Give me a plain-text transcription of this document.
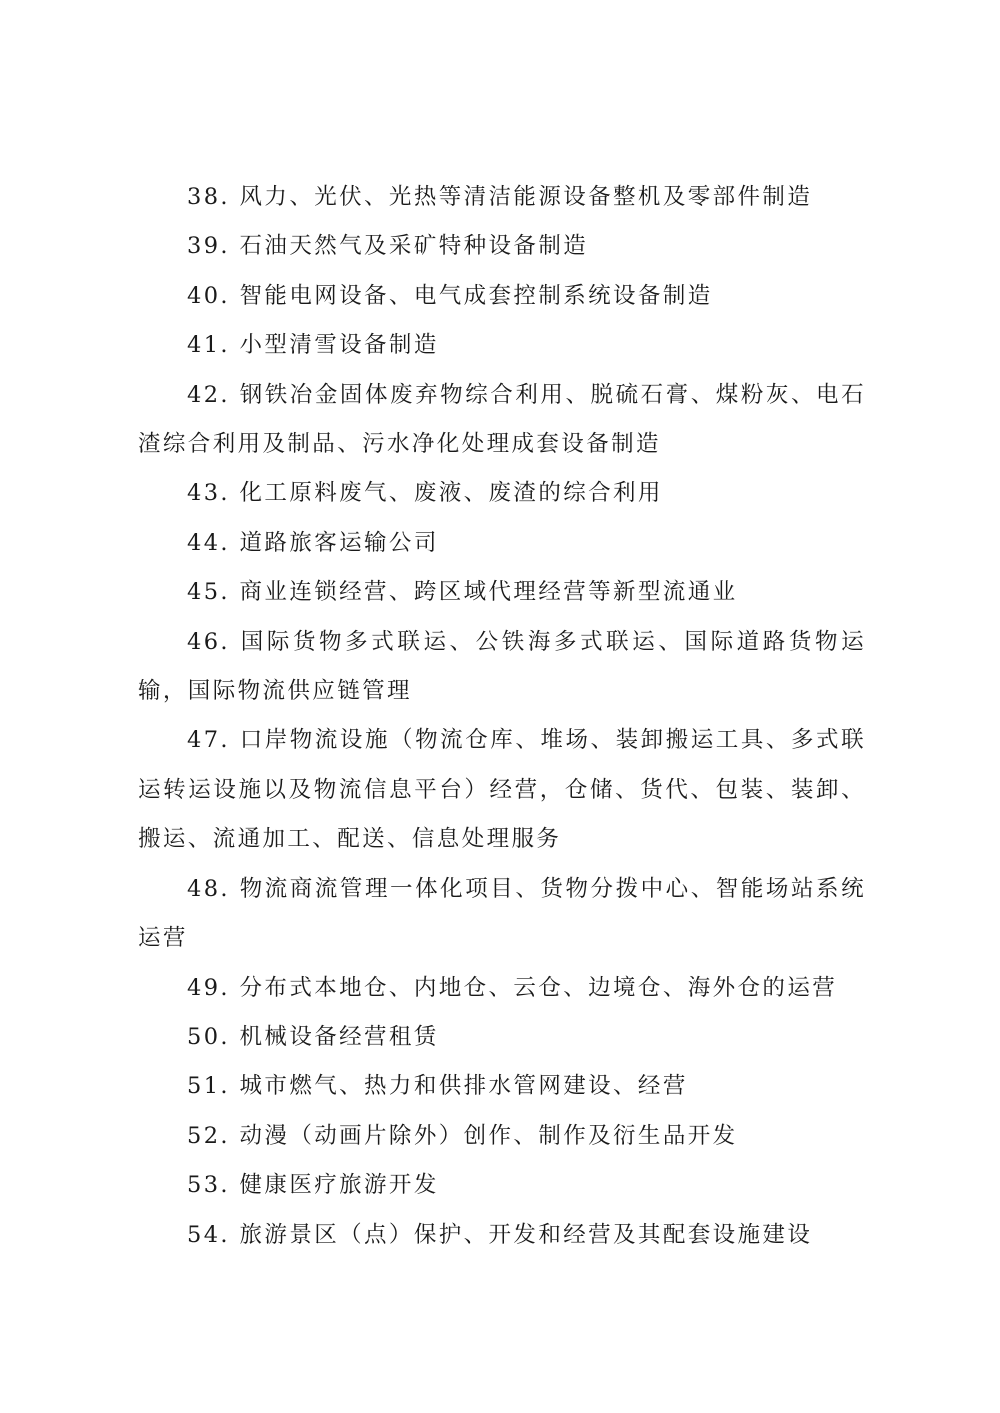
38. 风力、光伏、光热等清洁能源设备整机及零部件制造

39. 石油天然气及采矿特种设备制造

40. 智能电网设备、电气成套控制系统设备制造

41. 小型清雪设备制造

42. 钢铁冶金固体废弃物综合利用、脱硫石膏、煤粉灰、电石渣综合利用及制品、污水净化处理成套设备制造

43. 化工原料废气、废液、废渣的综合利用

44. 道路旅客运输公司

45. 商业连锁经营、跨区域代理经营等新型流通业

46. 国际货物多式联运、公铁海多式联运、国际道路货物运输，国际物流供应链管理

47. 口岸物流设施（物流仓库、堆场、装卸搬运工具、多式联运转运设施以及物流信息平台）经营，仓储、货代、包装、装卸、搬运、流通加工、配送、信息处理服务

48. 物流商流管理一体化项目、货物分拨中心、智能场站系统运营

49. 分布式本地仓、内地仓、云仓、边境仓、海外仓的运营

50. 机械设备经营租赁

51. 城市燃气、热力和供排水管网建设、经营

52. 动漫（动画片除外）创作、制作及衍生品开发

53. 健康医疗旅游开发

54. 旅游景区（点）保护、开发和经营及其配套设施建设
